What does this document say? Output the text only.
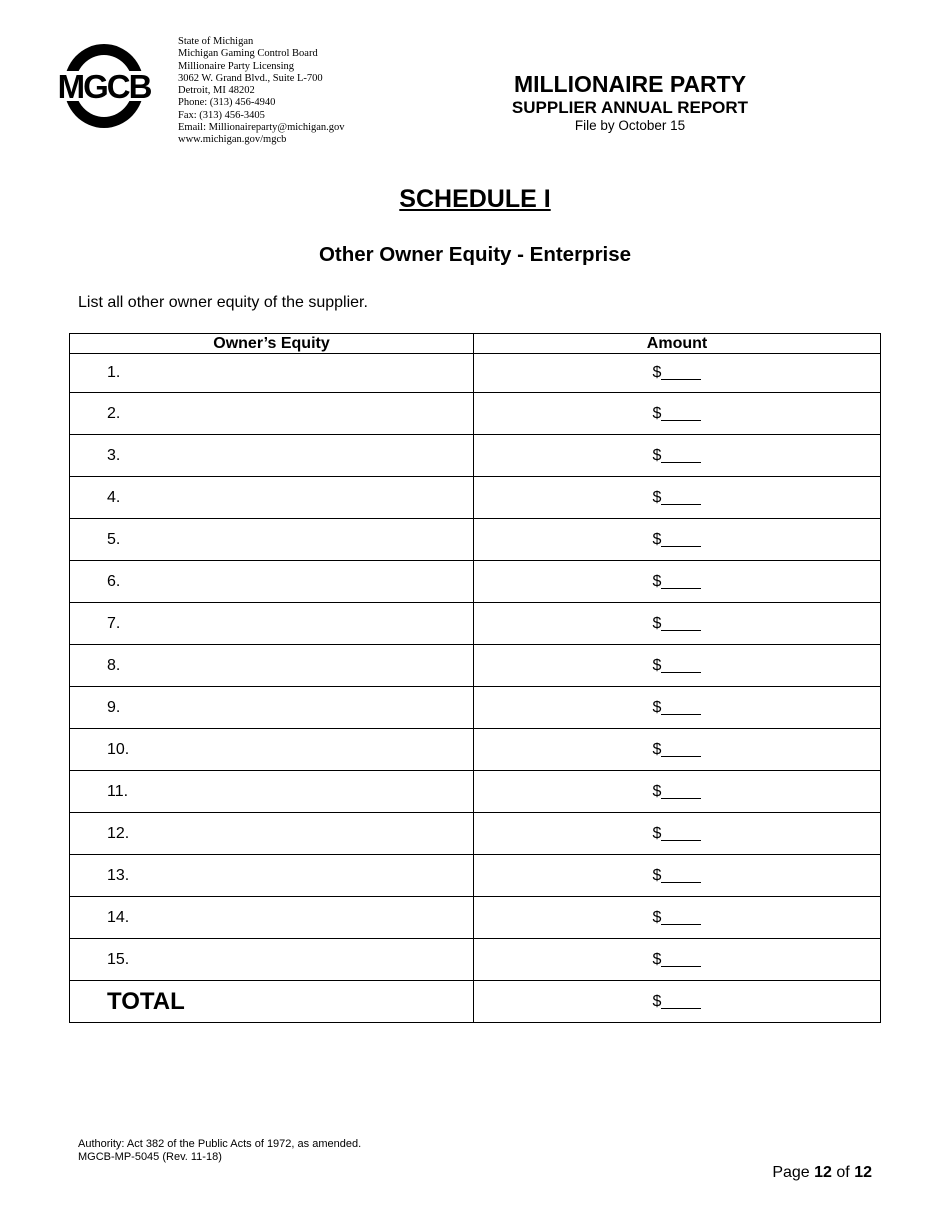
MGCB
State of Michigan
Michigan Gaming Control Board
Millionaire Party Licensing
3062 W. Grand Blvd., Suite L-700
Detroit, MI 48202
Phone: (313) 456-4940
Fax: (313) 456-3405
Email: Millionaireparty@michigan.gov
www.michigan.gov/mgcb
MILLIONAIRE PARTY
SUPPLIER ANNUAL REPORT
File by October 15
SCHEDULE I
Other Owner Equity - Enterprise
List all other owner equity of the supplier.
Owner’s Equity	Amount
1.	$
2.	$
3.	$
4.	$
5.	$
6.	$
7.	$
8.	$
9.	$
10.	$
11.	$
12.	$
13.	$
14.	$
15.	$
TOTAL	$
Authority: Act 382 of the Public Acts of 1972, as amended.
MGCB-MP-5045 (Rev. 11-18)
Page 12 of 12
